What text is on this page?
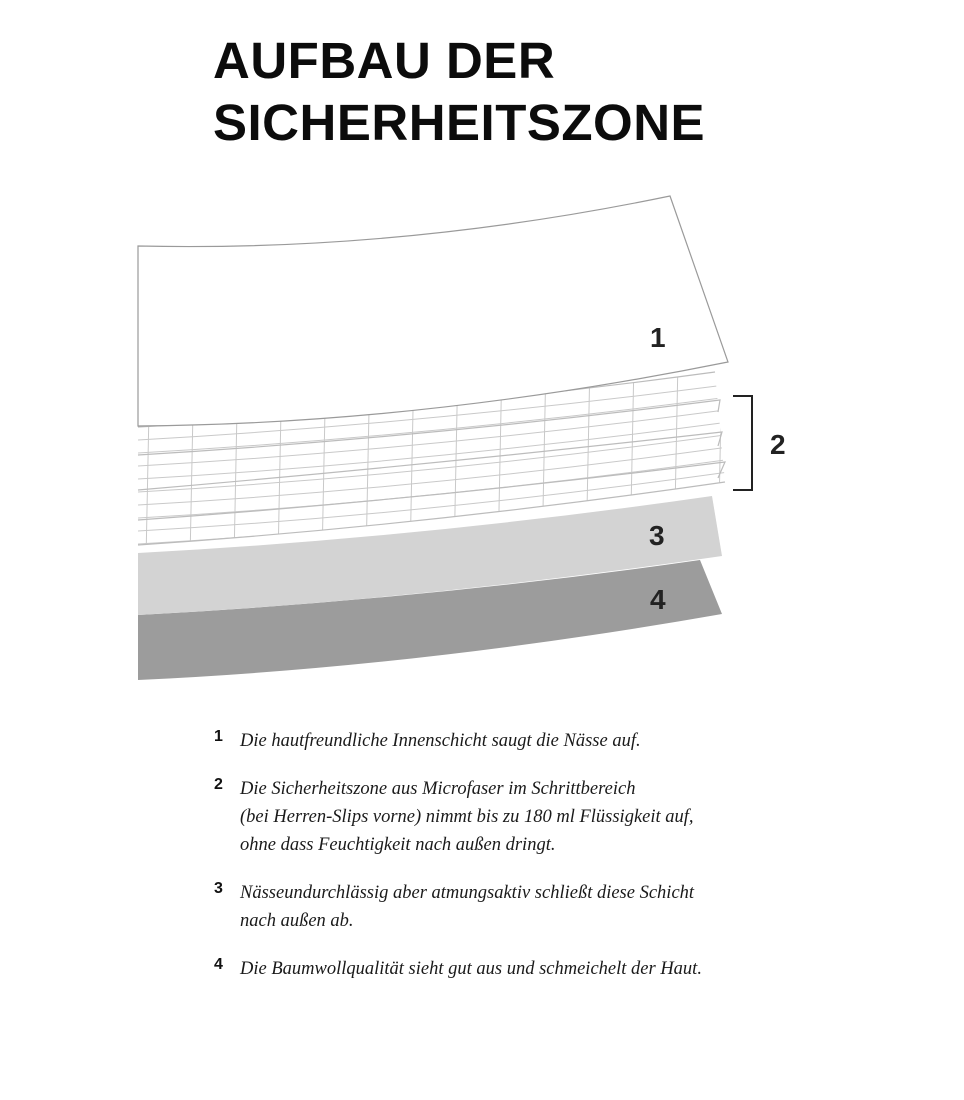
AUFBAU DER
SICHERHEITSZONE
1
2
3
4
1 Die hautfreundliche Innenschicht saugt die Nässe auf.
2 Die Sicherheitszone aus Microfaser im Schrittbereich
(bei Herren-Slips vorne) nimmt bis zu 180 ml Flüssigkeit auf,
ohne dass Feuchtigkeit nach außen dringt.
3 Nässeundurchlässig aber atmungsaktiv schließt diese Schicht
nach außen ab.
4 Die Baumwollqualität sieht gut aus und schmeichelt der Haut.
